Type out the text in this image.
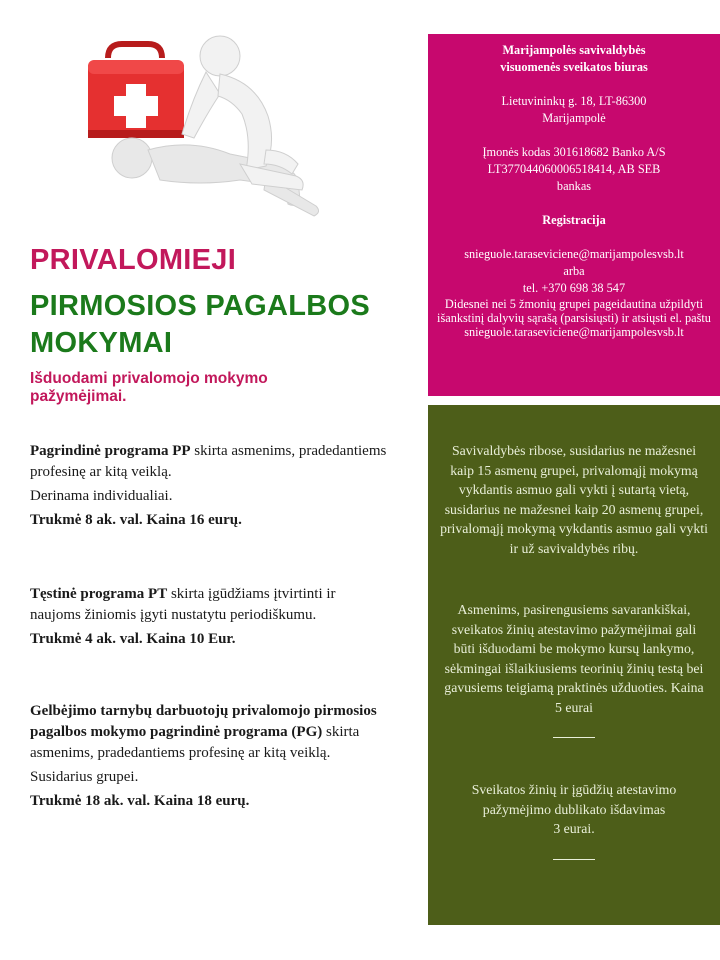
PRIVALOMIEJI
PIRMOSIOS PAGALBOS MOKYMAI

Išduodami privalomojo mokymo pažymėjimai.

Pagrindinė programa PP skirta asmenims, pradedantiems profesinę ar kitą veiklą.

Derinama individualiai.

Trukmė 8 ak. val. Kaina 16 eurų.

Tęstinė programa PT skirta įgūdžiams įtvirtinti ir naujoms žiniomis įgyti nustatytu periodiškumu.

Trukmė 4 ak. val. Kaina 10 Eur.

Gelbėjimo tarnybų darbuotojų privalomojo pirmosios pagalbos mokymo pagrindinė programa (PG) skirta asmenims, pradedantiems profesinę ar kitą veiklą.

Susidarius grupei.

Trukmė 18 ak. val. Kaina 18 eurų.

Marijampolės savivaldybės

visuomenės sveikatos biuras

Lietuvininkų g. 18, LT-86300

Marijampolė

Įmonės kodas 301618682 Banko A/S

LT377044060006518414, AB SEB

bankas

Registracija

snieguole.taraseviciene@marijampolesvsb.lt

arba

tel. +370 698 38 547

Didesnei nei 5 žmonių grupei pageidautina užpildyti išankstinį dalyvių sąrašą (parsisiųsti) ir atsiųsti el. paštu

snieguole.taraseviciene@marijampolesvsb.lt

Savivaldybės ribose, susidarius ne mažesnei kaip 15 asmenų grupei, privalomąjį mokymą vykdantis asmuo gali vykti į sutartą vietą, susidarius ne mažesnei kaip 20 asmenų grupei, privalomąjį mokymą vykdantis asmuo gali vykti ir už savivaldybės ribų.

Asmenims, pasirengusiems savarankiškai, sveikatos žinių atestavimo pažymėjimai gali būti išduodami be mokymo kursų lankymo, sėkmingai išlaikiusiems teorinių žinių testą bei gavusiems teigiamą praktinės užduoties. Kaina 5 eurai

Sveikatos žinių ir įgūdžių atestavimo pažymėjimo dublikato išdavimas

3 eurai.
